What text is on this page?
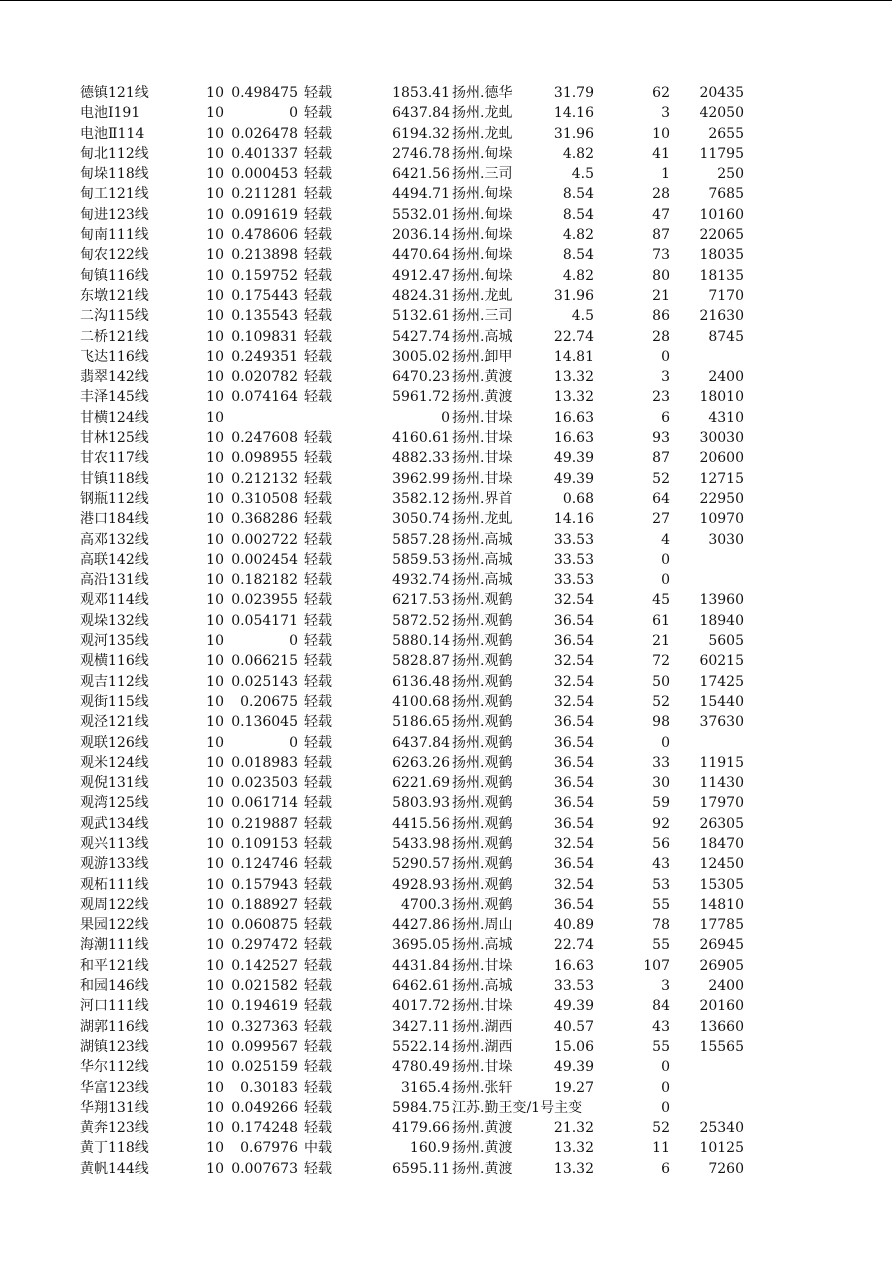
德镇121线	10 0.498475 轻载	1853.41 扬州.德华	31.79	62	20435
电池Ⅰ191	10	0 轻载	6437.84 扬州.龙虬	14.16	3	42050
电池Ⅱ114	10 0.026478 轻载	6194.32 扬州.龙虬	31.96	10	2655
甸北112线	10 0.401337 轻载	2746.78 扬州.甸垛	4.82	41	11795
甸垛118线	10 0.000453 轻载	6421.56 扬州.三司	4.5	1	250
甸工121线	10 0.211281 轻载	4494.71 扬州.甸垛	8.54	28	7685
甸进123线	10 0.091619 轻载	5532.01 扬州.甸垛	8.54	47	10160
甸南111线	10 0.478606 轻载	2036.14 扬州.甸垛	4.82	87	22065
甸农122线	10 0.213898 轻载	4470.64 扬州.甸垛	8.54	73	18035
甸镇116线	10 0.159752 轻载	4912.47 扬州.甸垛	4.82	80	18135
东墩121线	10 0.175443 轻载	4824.31 扬州.龙虬	31.96	21	7170
二沟115线	10 0.135543 轻载	5132.61 扬州.三司	4.5	86	21630
二桥121线	10 0.109831 轻载	5427.74 扬州.高城	22.74	28	8745
飞达116线	10 0.249351 轻载	3005.02 扬州.卸甲	14.81	0
翡翠142线	10 0.020782 轻载	6470.23 扬州.黄渡	13.32	3	2400
丰泽145线	10 0.074164 轻载	5961.72 扬州.黄渡	13.32	23	18010
甘横124线	10	0 扬州.甘垛	16.63	6	4310
甘林125线	10 0.247608 轻载	4160.61 扬州.甘垛	16.63	93	30030
甘农117线	10 0.098955 轻载	4882.33 扬州.甘垛	49.39	87	20600
甘镇118线	10 0.212132 轻载	3962.99 扬州.甘垛	49.39	52	12715
钢瓶112线	10 0.310508 轻载	3582.12 扬州.界首	0.68	64	22950
港口184线	10 0.368286 轻载	3050.74 扬州.龙虬	14.16	27	10970
高邓132线	10 0.002722 轻载	5857.28 扬州.高城	33.53	4	3030
高联142线	10 0.002454 轻载	5859.53 扬州.高城	33.53	0
高沿131线	10 0.182182 轻载	4932.74 扬州.高城	33.53	0
观邓114线	10 0.023955 轻载	6217.53 扬州.观鹤	32.54	45	13960
观垛132线	10 0.054171 轻载	5872.52 扬州.观鹤	36.54	61	18940
观河135线	10	0 轻载	5880.14 扬州.观鹤	36.54	21	5605
观横116线	10 0.066215 轻载	5828.87 扬州.观鹤	32.54	72	60215
观吉112线	10 0.025143 轻载	6136.48 扬州.观鹤	32.54	50	17425
观街115线	10	0.20675 轻载	4100.68 扬州.观鹤	32.54	52	15440
观泾121线	10 0.136045 轻载	5186.65 扬州.观鹤	36.54	98	37630
观联126线	10	0 轻载	6437.84 扬州.观鹤	36.54	0
观米124线	10 0.018983 轻载	6263.26 扬州.观鹤	36.54	33	11915
观倪131线	10 0.023503 轻载	6221.69 扬州.观鹤	36.54	30	11430
观湾125线	10 0.061714 轻载	5803.93 扬州.观鹤	36.54	59	17970
观武134线	10 0.219887 轻载	4415.56 扬州.观鹤	36.54	92	26305
观兴113线	10 0.109153 轻载	5433.98 扬州.观鹤	32.54	56	18470
观游133线	10 0.124746 轻载	5290.57 扬州.观鹤	36.54	43	12450
观柘111线	10 0.157943 轻载	4928.93 扬州.观鹤	32.54	53	15305
观周122线	10 0.188927 轻载	4700.3 扬州.观鹤	36.54	55	14810
果园122线	10 0.060875 轻载	4427.86 扬州.周山	40.89	78	17785
海潮111线	10 0.297472 轻载	3695.05 扬州.高城	22.74	55	26945
和平121线	10 0.142527 轻载	4431.84 扬州.甘垛	16.63	107	26905
和园146线	10 0.021582 轻载	6462.61 扬州.高城	33.53	3	2400
河口111线	10 0.194619 轻载	4017.72 扬州.甘垛	49.39	84	20160
湖郭116线	10 0.327363 轻载	3427.11 扬州.湖西	40.57	43	13660
湖镇123线	10 0.099567 轻载	5522.14 扬州.湖西	15.06	55	15565
华尔112线	10 0.025159 轻载	4780.49 扬州.甘垛	49.39	0
华富123线	10	0.30183 轻载	3165.4 扬州.张轩	19.27	0
华翔131线	10 0.049266 轻载	5984.75 江苏.勤王变/1号主变	0
黄奔123线	10 0.174248 轻载	4179.66 扬州.黄渡	21.32	52	25340
黄丁118线	10	0.67976 中载	160.9 扬州.黄渡	13.32	11	10125
黄帆144线	10 0.007673 轻载	6595.11 扬州.黄渡	13.32	6	7260
